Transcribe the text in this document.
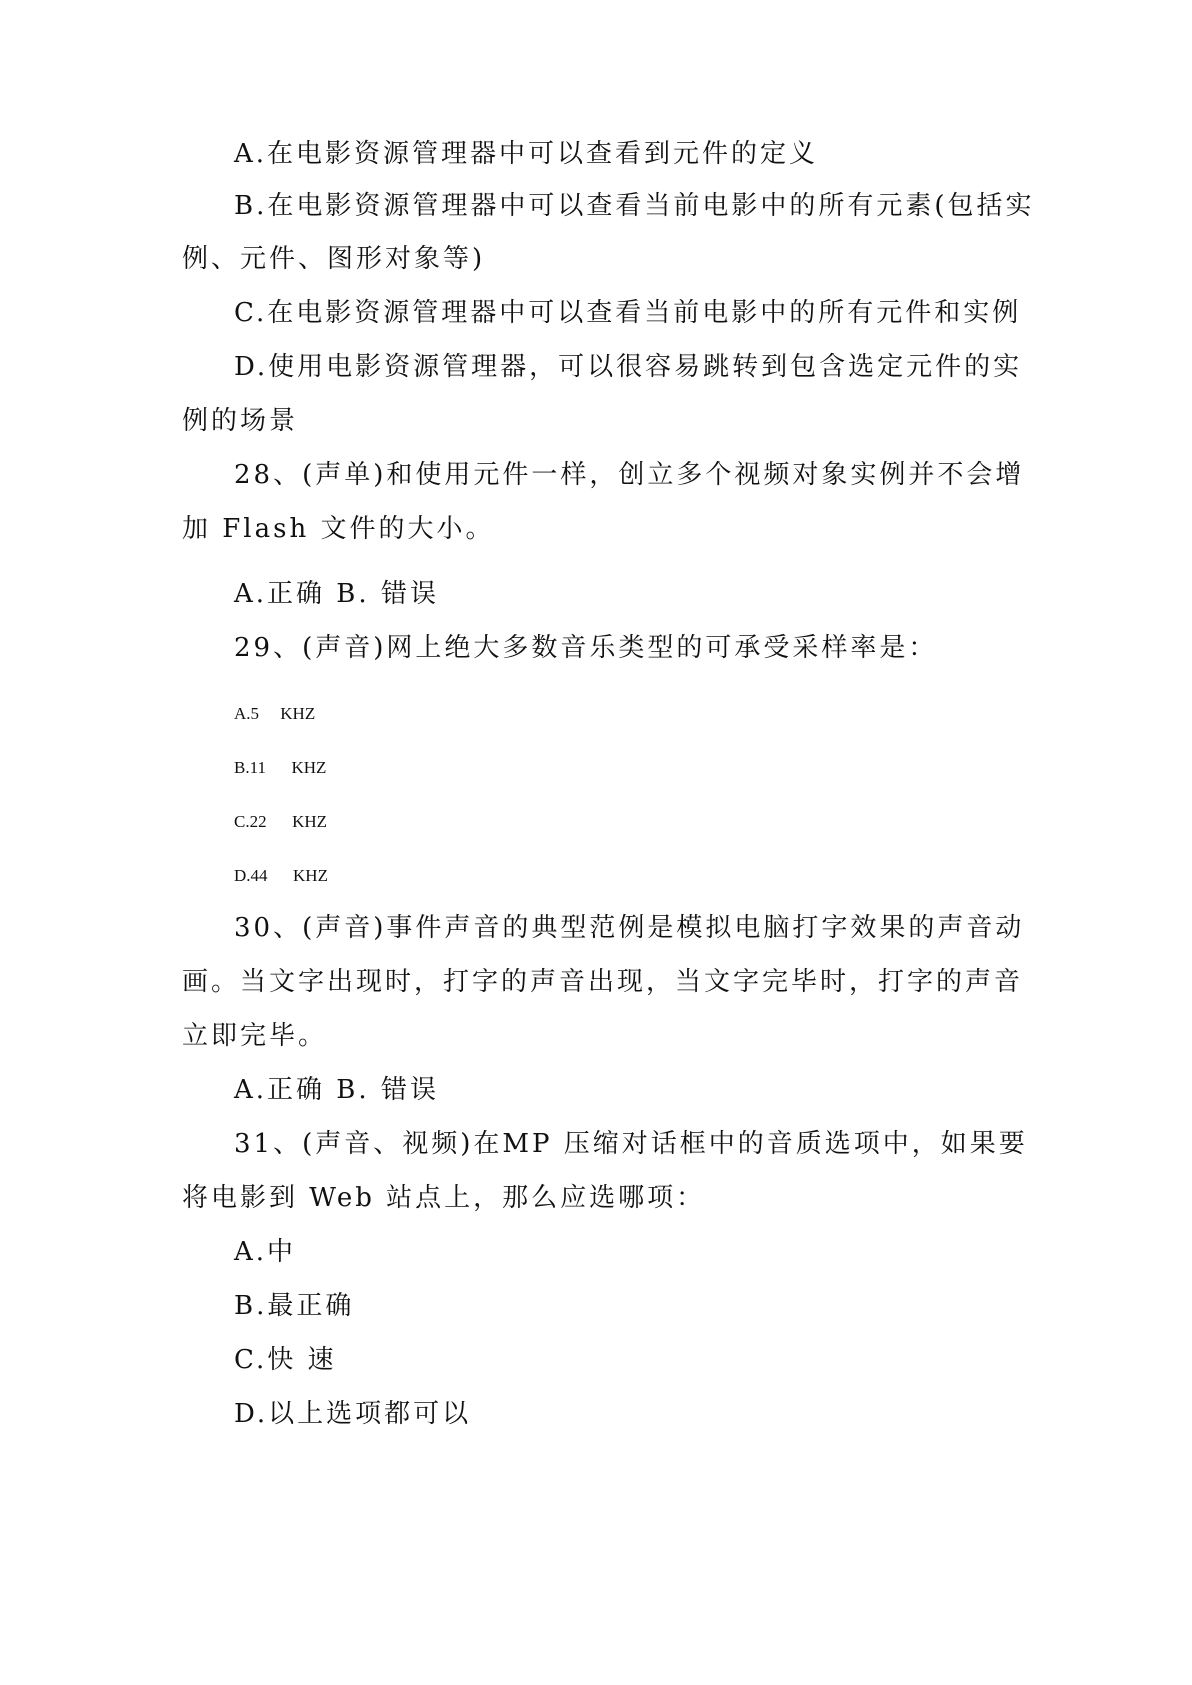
A.在电影资源管理器中可以查看到元件的定义
B.在电影资源管理器中可以查看当前电影中的所有元素(包括实
例、元件、图形对象等)
C.在电影资源管理器中可以查看当前电影中的所有元件和实例
D.使用电影资源管理器，可以很容易跳转到包含选定元件的实
例的场景
28、(声单)和使用元件一样，创立多个视频对象实例并不会增
加 Flash 文件的大小。
A.正确 B. 错误
29、(声音)网上绝大多数音乐类型的可承受采样率是：
A.5     KHZ
B.11      KHZ
C.22      KHZ
D.44      KHZ
30、(声音)事件声音的典型范例是模拟电脑打字效果的声音动
画。当文字出现时，打字的声音出现，当文字完毕时，打字的声音
立即完毕。
A.正确 B. 错误
31、(声音、视频)在MP 压缩对话框中的音质选项中，如果要
将电影到 Web 站点上，那么应选哪项：
A.中
B.最正确
C.快 速
D.以上选项都可以
